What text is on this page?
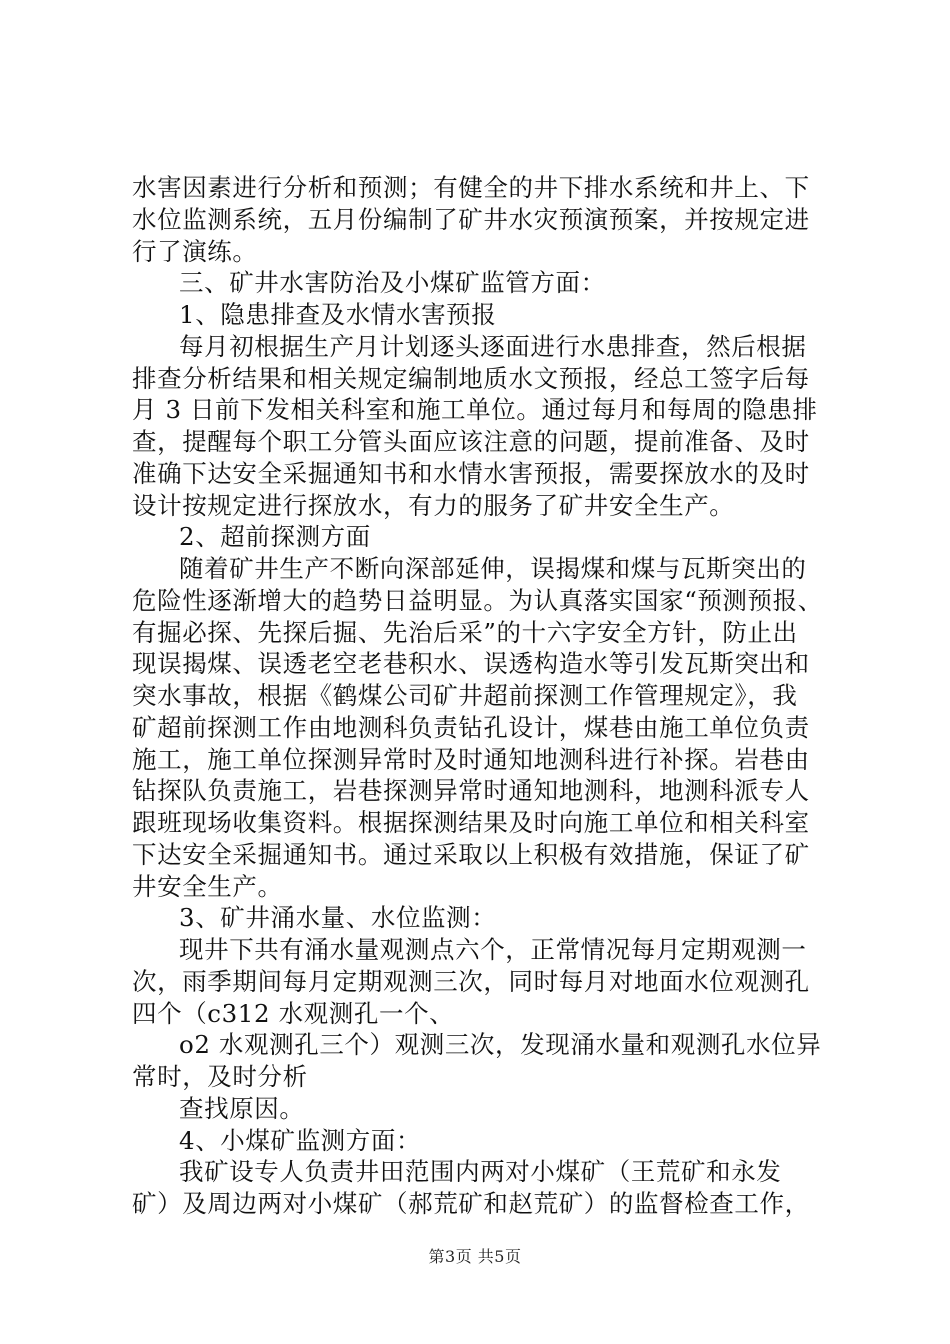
水害因素进行分析和预测；有健全的井下排水系统和井上、下
水位监测系统，五月份编制了矿井水灾预演预案，并按规定进
行了演练。
三、矿井水害防治及小煤矿监管方面：
1、隐患排查及水情水害预报
每月初根据生产月计划逐头逐面进行水患排查，然后根据
排查分析结果和相关规定编制地质水文预报，经总工签字后每
月 3 日前下发相关科室和施工单位。通过每月和每周的隐患排
查，提醒每个职工分管头面应该注意的问题，提前准备、及时
准确下达安全采掘通知书和水情水害预报，需要探放水的及时
设计按规定进行探放水，有力的服务了矿井安全生产。
2、超前探测方面
随着矿井生产不断向深部延伸，误揭煤和煤与瓦斯突出的
危险性逐渐增大的趋势日益明显。为认真落实国家“预测预报、
有掘必探、先探后掘、先治后采”的十六字安全方针，防止出
现误揭煤、误透老空老巷积水、误透构造水等引发瓦斯突出和
突水事故，根据《鹤煤公司矿井超前探测工作管理规定》，我
矿超前探测工作由地测科负责钻孔设计，煤巷由施工单位负责
施工，施工单位探测异常时及时通知地测科进行补探。岩巷由
钻探队负责施工，岩巷探测异常时通知地测科，地测科派专人
跟班现场收集资料。根据探测结果及时向施工单位和相关科室
下达安全采掘通知书。通过采取以上积极有效措施，保证了矿
井安全生产。
3、矿井涌水量、水位监测：
现井下共有涌水量观测点六个，正常情况每月定期观测一
次，雨季期间每月定期观测三次，同时每月对地面水位观测孔
四个（c312 水观测孔一个、
o2 水观测孔三个）观测三次，发现涌水量和观测孔水位异
常时，及时分析
查找原因。
4、小煤矿监测方面：
我矿设专人负责井田范围内两对小煤矿（王荒矿和永发
矿）及周边两对小煤矿（郝荒矿和赵荒矿）的监督检查工作，
第3页 共5页
